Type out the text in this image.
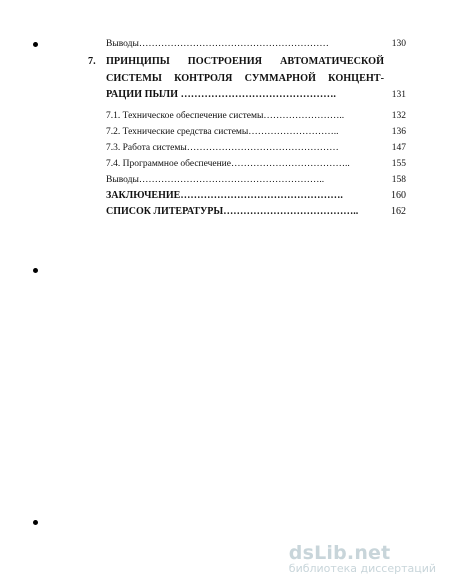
Выводы……………………………………………………	130
7. ПРИНЦИПЫ ПОСТРОЕНИЯ АВТОМАТИЧЕСКОЙ
СИСТЕМЫ КОНТРОЛЯ СУММАРНОЙ КОНЦЕНТ-
РАЦИИ ПЫЛИ ……………………………………….	131
7.1. Техническое обеспечение системы……………………..	132
7.2. Технические средства системы………………………..	136
7.3. Работа системы…………………………………………	147
7.4. Программное обеспечение………………………………..	155
Выводы…………………………………………………..	158
ЗАКЛЮЧЕНИЕ………………………………………….	160
СПИСОК ЛИТЕРАТУРЫ…………………………………..	162
dsLib.net
библиотека диссертаций
